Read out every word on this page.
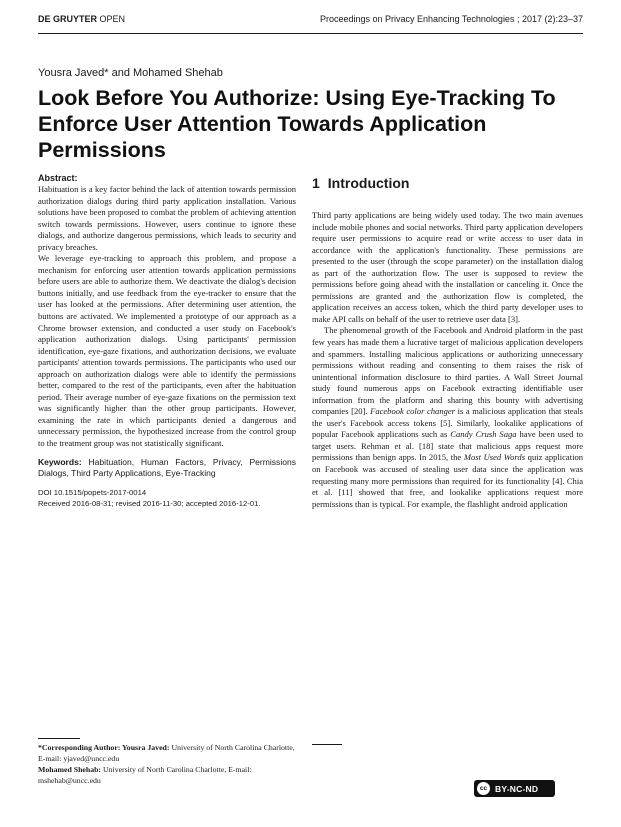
DE GRUYTER OPEN	Proceedings on Privacy Enhancing Technologies ; 2017 (2):23–37
Yousra Javed* and Mohamed Shehab
Look Before You Authorize: Using Eye-Tracking To Enforce User Attention Towards Application Permissions

Abstract:

Habituation is a key factor behind the lack of attention towards permission authorization dialogs during third party application installation. Various solutions have been proposed to combat the problem of achieving attention switch towards permissions. However, users continue to ignore these dialogs, and authorize dangerous permissions, which leads to security and privacy breaches.

We leverage eye-tracking to approach this problem, and propose a mechanism for enforcing user attention towards application permissions before users are able to authorize them. We deactivate the dialog's decision buttons initially, and use feedback from the eye-tracker to ensure that the user has looked at the permissions. After determining user attention, the buttons are activated. We implemented a prototype of our approach as a Chrome browser extension, and conducted a user study on Facebook's application authorization dialogs. Using participants' permission identification, eye-gaze fixations, and authorization decisions, we evaluate participants' attention towards permissions. The participants who used our approach on authorization dialogs were able to identify the permissions better, compared to the rest of the participants, even after the habituation period. Their average number of eye-gaze fixations on the permission text was significantly higher than the other group participants. However, examining the rate in which participants denied a dangerous and unnecessary permission, the hypothesized increase from the control group to the treatment group was not statistically significant.

Keywords: Habituation, Human Factors, Privacy, Permissions Dialogs, Third Party Applications, Eye-Tracking

DOI 10.1515/popets-2017-0014
Received 2016-08-31; revised 2016-11-30; accepted 2016-12-01.
*Corresponding Author: Yousra Javed: University of North Carolina Charlotte, E-mail: yjaved@uncc.edu
Mohamed Shehab: University of North Carolina Charlotte, E-mail: mshehab@uncc.edu
1 Introduction

Third party applications are being widely used today. The two main avenues include mobile phones and social networks. Third party application developers require user permissions to acquire read or write access to user data in accordance with the application's functionality. These permissions are presented to the user (through the scope parameter) on the installation dialog as part of the authorization flow. The user is supposed to review the permissions before going ahead with the installation or canceling it. Once the permissions are granted and the authorization flow is completed, the application receives an access token, which the third party developer uses to make API calls on behalf of the user to retrieve user data [3].

The phenomenal growth of the Facebook and Android platform in the past few years has made them a lucrative target of malicious application developers and spammers. Installing malicious applications or authorizing unnecessary permissions without reading and consenting to them raises the risk of unintentional information disclosure to third parties. A Wall Street Journal study found numerous apps on Facebook extracting identifiable user information from the platform and sharing this bounty with advertising companies [20]. Facebook color changer is a malicious application that steals the user's Facebook access tokens [5]. Similarly, lookalike applications of popular Facebook applications such as Candy Crush Saga have been used to target users. Rehman et al. [18] state that malicious apps request more permissions than benign apps. In 2015, the Most Used Words quiz application on Facebook was accused of stealing user data since the application was requesting many more permissions than required for its functionality [4]. Chia et al. [11] showed that free, and lookalike applications request more permissions than is typical. For example, the flashlight android application

cc BY-NC-ND
